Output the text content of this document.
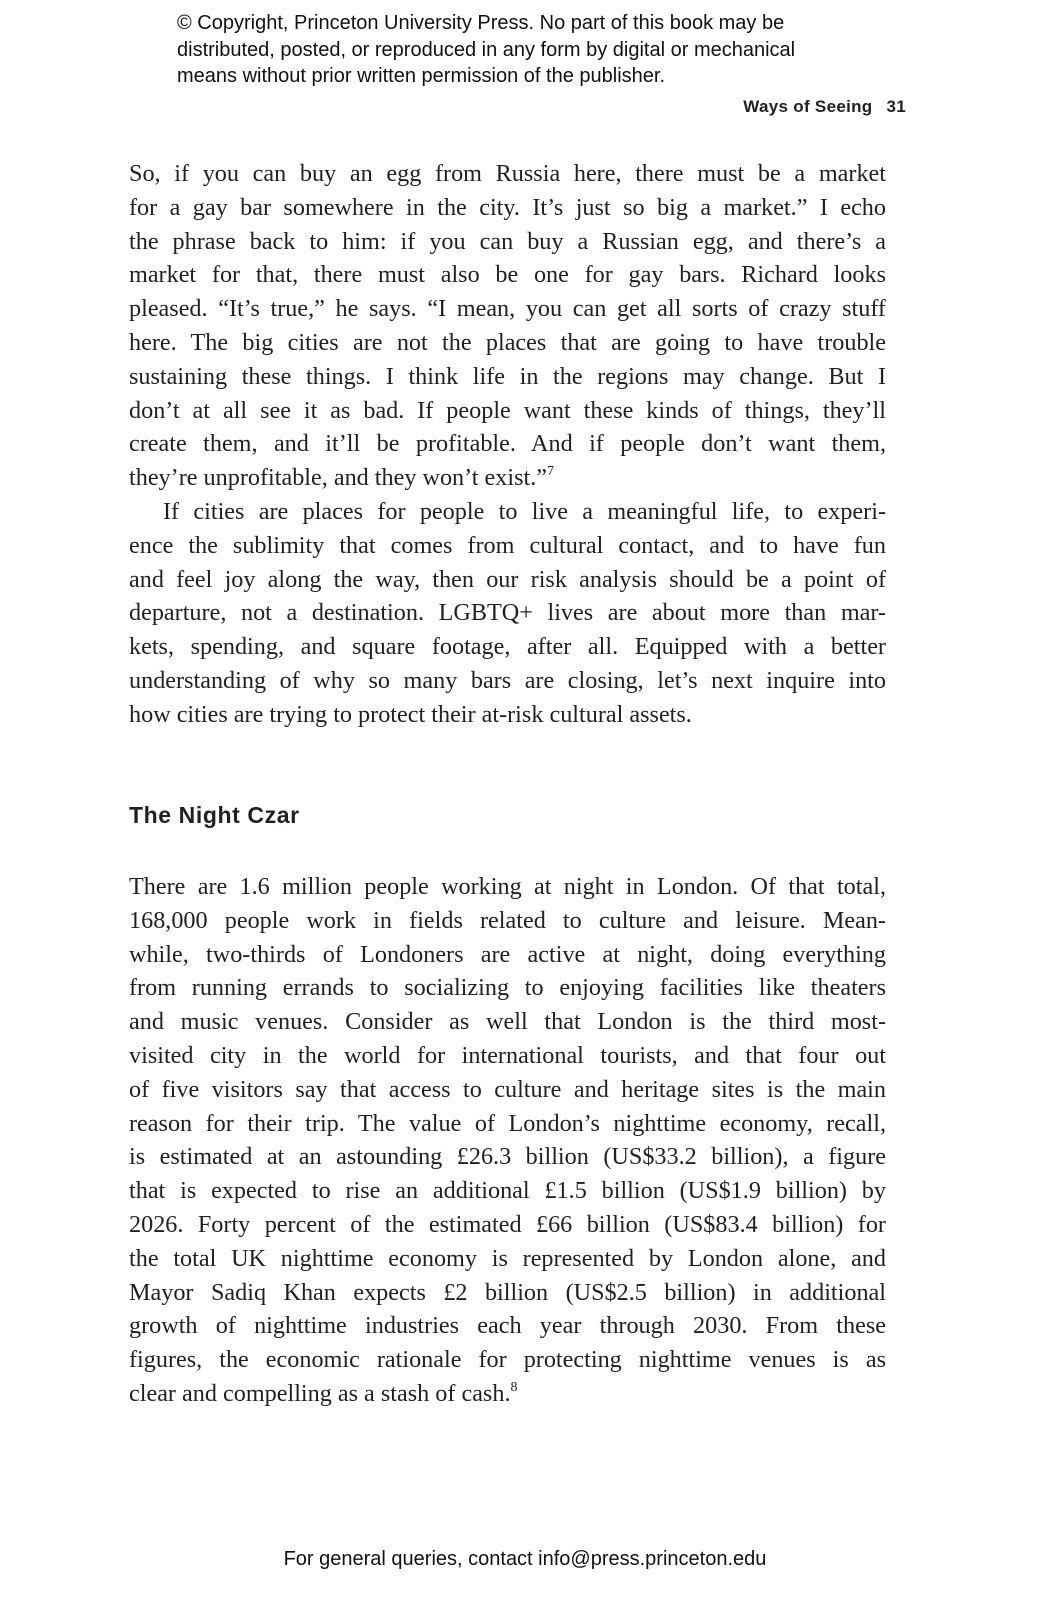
© Copyright, Princeton University Press. No part of this book may be
distributed, posted, or reproduced in any form by digital or mechanical
means without prior written permission of the publisher.
Ways of Seeing 31
So, if you can buy an egg from Russia here, there must be a market
for a gay bar somewhere in the city. It’s just so big a market.” I echo
the phrase back to him: if you can buy a Russian egg, and there’s a
market for that, there must also be one for gay bars. Richard looks
pleased. “It’s true,” he says. “I mean, you can get all sorts of crazy stuff
here. The big cities are not the places that are going to have trouble
sustaining these things. I think life in the regions may change. But I
don’t at all see it as bad. If people want these kinds of things, they’ll
create them, and it’ll be profitable. And if people don’t want them,
they’re unprofitable, and they won’t exist.”$^7$
If cities are places for people to live a meaningful life, to experi-
ence the sublimity that comes from cultural contact, and to have fun
and feel joy along the way, then our risk analysis should be a point of
departure, not a destination. LGBTQ+ lives are about more than mar-
kets, spending, and square footage, after all. Equipped with a better
understanding of why so many bars are closing, let’s next inquire into
how cities are trying to protect their at-risk cultural assets.
The Night Czar
There are 1.6 million people working at night in London. Of that total,
168,000 people work in fields related to culture and leisure. Mean-
while, two-thirds of Londoners are active at night, doing everything
from running errands to socializing to enjoying facilities like theaters
and music venues. Consider as well that London is the third most-
visited city in the world for international tourists, and that four out
of five visitors say that access to culture and heritage sites is the main
reason for their trip. The value of London’s nighttime economy, recall,
is estimated at an astounding £26.3 billion (US$33.2 billion), a figure
that is expected to rise an additional £1.5 billion (US$1.9 billion) by
2026. Forty percent of the estimated £66 billion (US$83.4 billion) for
the total UK nighttime economy is represented by London alone, and
Mayor Sadiq Khan expects £2 billion (US$2.5 billion) in additional
growth of nighttime industries each year through 2030. From these
figures, the economic rationale for protecting nighttime venues is as
clear and compelling as a stash of cash.$^8$
For general queries, contact info@press.princeton.edu
